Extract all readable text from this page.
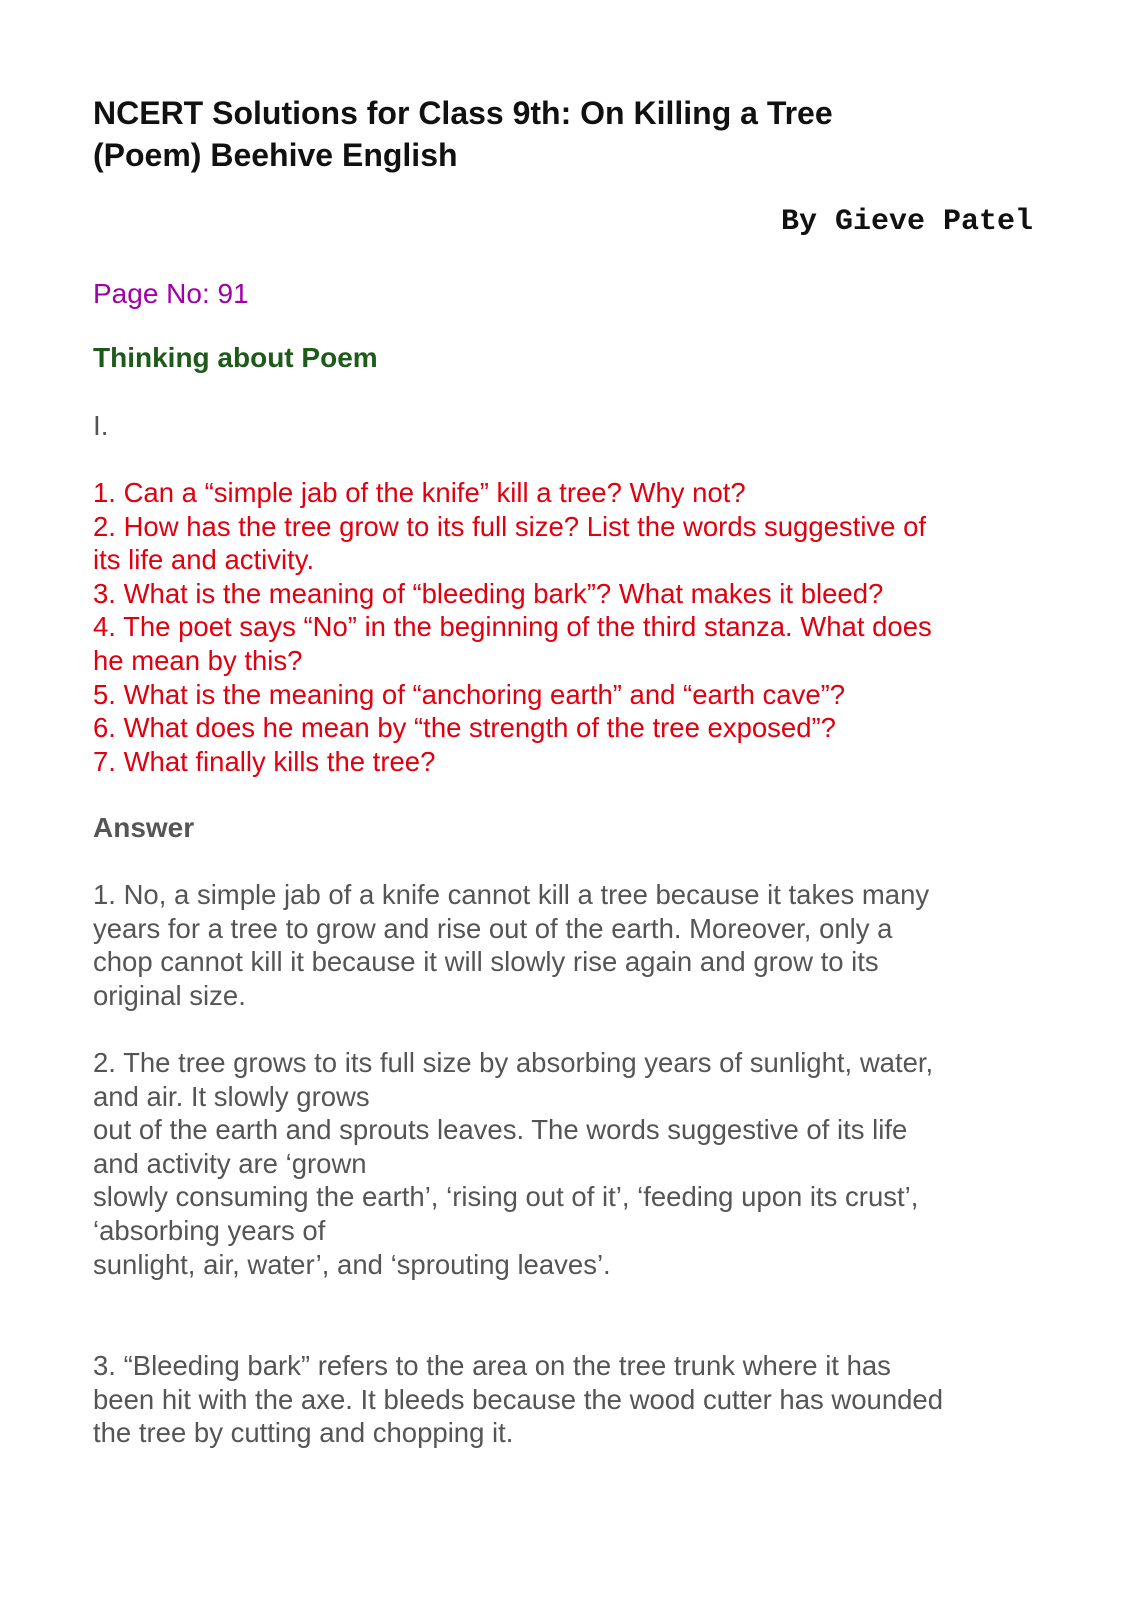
NCERT Solutions for Class 9th: On Killing a Tree
(Poem) Beehive English
By Gieve Patel
Page No: 91
Thinking about Poem
I.
1. Can a “simple jab of the knife” kill a tree? Why not?
2. How has the tree grow to its full size? List the words suggestive of
its life and activity.
3. What is the meaning of “bleeding bark”? What makes it bleed?
4. The poet says “No” in the beginning of the third stanza. What does
he mean by this?
5. What is the meaning of “anchoring earth” and “earth cave”?
6. What does he mean by “the strength of the tree exposed”?
7. What finally kills the tree?
Answer

1. No, a simple jab of a knife cannot kill a tree because it takes many
years for a tree to grow and rise out of the earth. Moreover, only a
chop cannot kill it because it will slowly rise again and grow to its
original size.

2. The tree grows to its full size by absorbing years of sunlight, water,
and air. It slowly grows
out of the earth and sprouts leaves. The words suggestive of its life
and activity are ‘grown
slowly consuming the earth’, ‘rising out of it’, ‘feeding upon its crust’,
‘absorbing years of
sunlight, air, water’, and ‘sprouting leaves’.

3. “Bleeding bark” refers to the area on the tree trunk where it has
been hit with the axe. It bleeds because the wood cutter has wounded
the tree by cutting and chopping it.
